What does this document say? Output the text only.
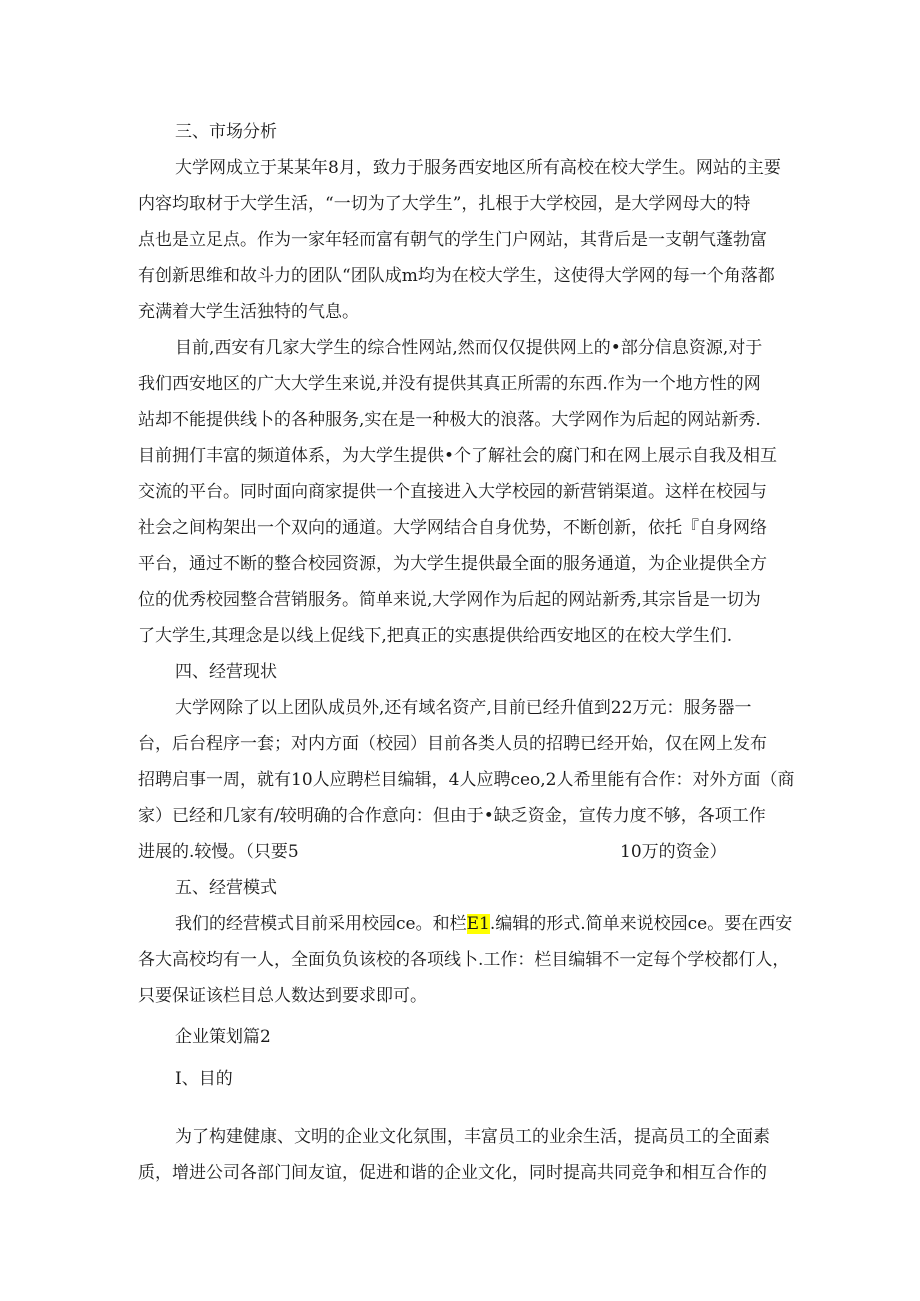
三、市场分析
大学网成立于某某年8月，致力于服务西安地区所有高校在校大学生。网站的主要
内容均取材于大学生活，“一切为了大学生”，扎根于大学校园，是大学网母大的特
点也是立足点。作为一家年轻而富有朝气的学生门户网站，其背后是一支朝气蓬勃富
有创新思维和故斗力的团队“团队成m均为在校大学生，这使得大学网的每一个角落都
充满着大学生活独特的气息。
目前,西安有几家大学生的综合性网站,然而仅仅提供网上的•部分信息资源,对于
我们西安地区的广大大学生来说,并没有提供其真正所需的东西.作为一个地方性的网
站却不能提供线卜的各种服务,实在是一种极大的浪落。大学网作为后起的网站新秀.
目前拥仃丰富的频道体系，为大学生提供•个了解社会的腐门和在网上展示自我及相互
交流的平台。同时面向商家提供一个直接进入大学校园的新营销渠道。这样在校园与
社会之间构架出一个双向的通道。大学网结合自身优势，不断创新，依托『自身网络
平台，通过不断的整合校园资源，为大学生提供最全面的服务通道，为企业提供全方
位的优秀校园整合营销服务。简单来说,大学网作为后起的网站新秀,其宗旨是一切为
了大学生,其理念是以线上促线下,把真正的实惠提供给西安地区的在校大学生们.
四、经营现状
大学网除了以上团队成员外,还有域名资产,目前已经升值到22万元：服务器一
台，后台程序一套；对内方面（校园）目前各类人员的招聘已经开始，仅在网上发布
招聘启事一周，就有10人应聘栏目编辑，4人应聘ceo,2人希里能有合作：对外方面（商
家）已经和几家有/较明确的合作意向：但由于•缺乏资金，宣传力度不够，各项工作
进展的.较慢。（只要5	10万的资金）
五、经营模式
我们的经营模式目前采用校园ce。和栏E1.编辑的形式.简单来说校园ce。要在西安
各大高校均有一人，全面负负该校的各项线卜.工作：栏目编辑不一定每个学校都仃人，
只要保证该栏目总人数达到要求即可。
企业策划篇2
I、目的
为了构建健康、文明的企业文化氛围，丰富员工的业余生活，提高员工的全面素
质，增进公司各部门间友谊，促进和谐的企业文化，同时提高共同竞争和相互合作的
